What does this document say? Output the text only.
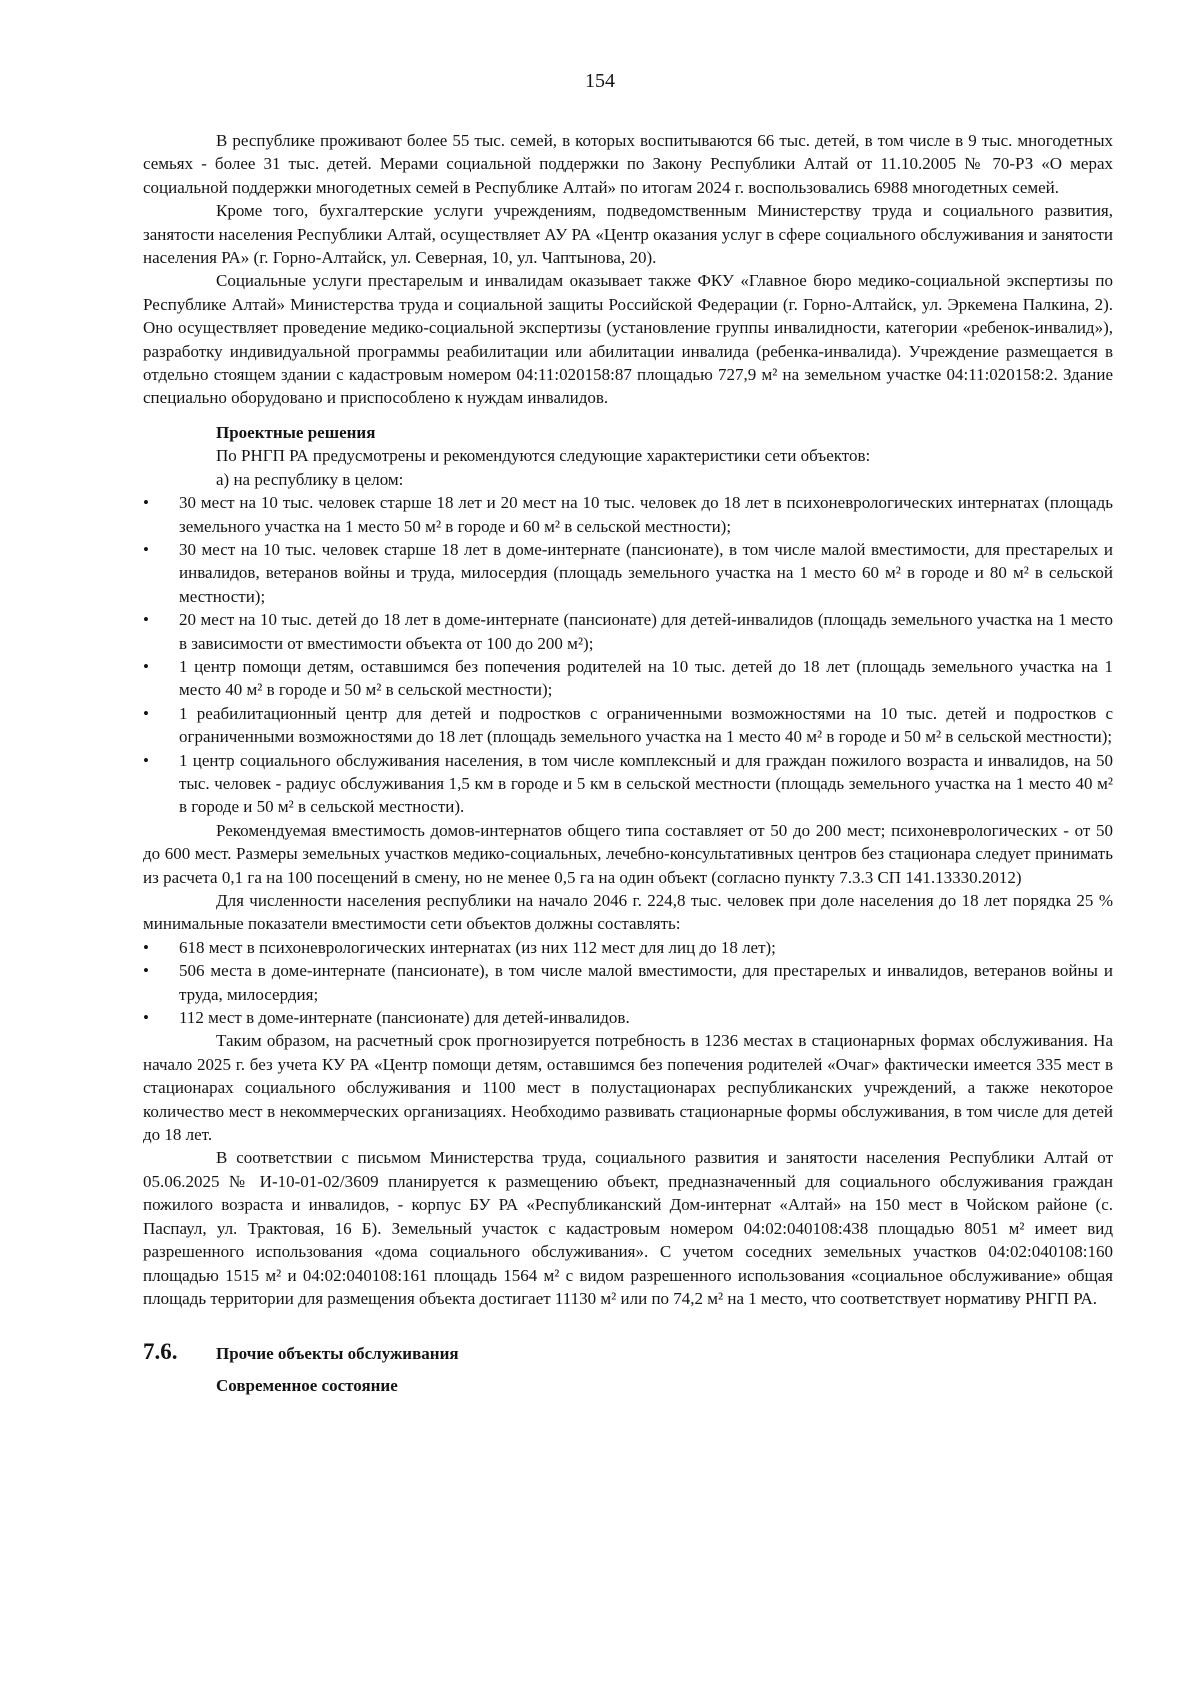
154

В республике проживают более 55 тыс. семей, в которых воспитываются 66 тыс. детей, в том числе в 9 тыс. многодетных семьях - более 31 тыс. детей. Мерами социальной поддержки по Закону Республики Алтай от 11.10.2005 № 70-РЗ «О мерах социальной поддержки многодетных семей в Республике Алтай» по итогам 2024 г. воспользовались 6988 многодетных семей.

Кроме того, бухгалтерские услуги учреждениям, подведомственным Министерству труда и социального развития, занятости населения Республики Алтай, осуществляет АУ РА «Центр оказания услуг в сфере социального обслуживания и занятости населения РА» (г. Горно-Алтайск, ул. Северная, 10, ул. Чаптынова, 20).

Социальные услуги престарелым и инвалидам оказывает также ФКУ «Главное бюро медико-социальной экспертизы по Республике Алтай» Министерства труда и социальной защиты Российской Федерации (г. Горно-Алтайск, ул. Эркемена Палкина, 2). Оно осуществляет проведение медико-социальной экспертизы (установление группы инвалидности, категории «ребенок-инвалид»), разработку индивидуальной программы реабилитации или абилитации инвалида (ребенка-инвалида). Учреждение размещается в отдельно стоящем здании с кадастровым номером 04:11:020158:87 площадью 727,9 м² на земельном участке 04:11:020158:2. Здание специально оборудовано и приспособлено к нуждам инвалидов.

Проектные решения

По РНГП РА предусмотрены и рекомендуются следующие характеристики сети объектов:

а) на республику в целом:

• 30 мест на 10 тыс. человек старше 18 лет и 20 мест на 10 тыс. человек до 18 лет в психоневрологических интернатах (площадь земельного участка на 1 место 50 м² в городе и 60 м² в сельской местности);
• 30 мест на 10 тыс. человек старше 18 лет в доме-интернате (пансионате), в том числе малой вместимости, для престарелых и инвалидов, ветеранов войны и труда, милосердия (площадь земельного участка на 1 место 60 м² в городе и 80 м² в сельской местности);
• 20 мест на 10 тыс. детей до 18 лет в доме-интернате (пансионате) для детей-инвалидов (площадь земельного участка на 1 место в зависимости от вместимости объекта от 100 до 200 м²);
• 1 центр помощи детям, оставшимся без попечения родителей на 10 тыс. детей до 18 лет (площадь земельного участка на 1 место 40 м² в городе и 50 м² в сельской местности);
• 1 реабилитационный центр для детей и подростков с ограниченными возможностями на 10 тыс. детей и подростков с ограниченными возможностями до 18 лет (площадь земельного участка на 1 место 40 м² в городе и 50 м² в сельской местности);
• 1 центр социального обслуживания населения, в том числе комплексный и для граждан пожилого возраста и инвалидов, на 50 тыс. человек - радиус обслуживания 1,5 км в городе и 5 км в сельской местности (площадь земельного участка на 1 место 40 м² в городе и 50 м² в сельской местности).

Рекомендуемая вместимость домов-интернатов общего типа составляет от 50 до 200 мест; психоневрологических - от 50 до 600 мест. Размеры земельных участков медико-социальных, лечебно-консультативных центров без стационара следует принимать из расчета 0,1 га на 100 посещений в смену, но не менее 0,5 га на один объект (согласно пункту 7.3.3 СП 141.13330.2012)

Для численности населения республики на начало 2046 г. 224,8 тыс. человек при доле населения до 18 лет порядка 25 % минимальные показатели вместимости сети объектов должны составлять:

• 618 мест в психоневрологических интернатах (из них 112 мест для лиц до 18 лет);
• 506 места в доме-интернате (пансионате), в том числе малой вместимости, для престарелых и инвалидов, ветеранов войны и труда, милосердия;
• 112 мест в доме-интернате (пансионате) для детей-инвалидов.

Таким образом, на расчетный срок прогнозируется потребность в 1236 местах в стационарных формах обслуживания. На начало 2025 г. без учета КУ РА «Центр помощи детям, оставшимся без попечения родителей «Очаг» фактически имеется 335 мест в стационарах социального обслуживания и 1100 мест в полустационарах республиканских учреждений, а также некоторое количество мест в некоммерческих организациях. Необходимо развивать стационарные формы обслуживания, в том числе для детей до 18 лет.

В соответствии с письмом Министерства труда, социального развития и занятости населения Республики Алтай от 05.06.2025 № И-10-01-02/3609 планируется к размещению объект, предназначенный для социального обслуживания граждан пожилого возраста и инвалидов, - корпус БУ РА «Республиканский Дом-интернат «Алтай» на 150 мест в Чойском районе (с. Паспаул, ул. Трактовая, 16 Б). Земельный участок с кадастровым номером 04:02:040108:438 площадью 8051 м² имеет вид разрешенного использования «дома социального обслуживания». С учетом соседних земельных участков 04:02:040108:160 площадью 1515 м² и 04:02:040108:161 площадь 1564 м² с видом разрешенного использования «социальное обслуживание» общая площадь территории для размещения объекта достигает 11130 м² или по 74,2 м² на 1 место, что соответствует нормативу РНГП РА.

7.6.	Прочие объекты обслуживания

Современное состояние
